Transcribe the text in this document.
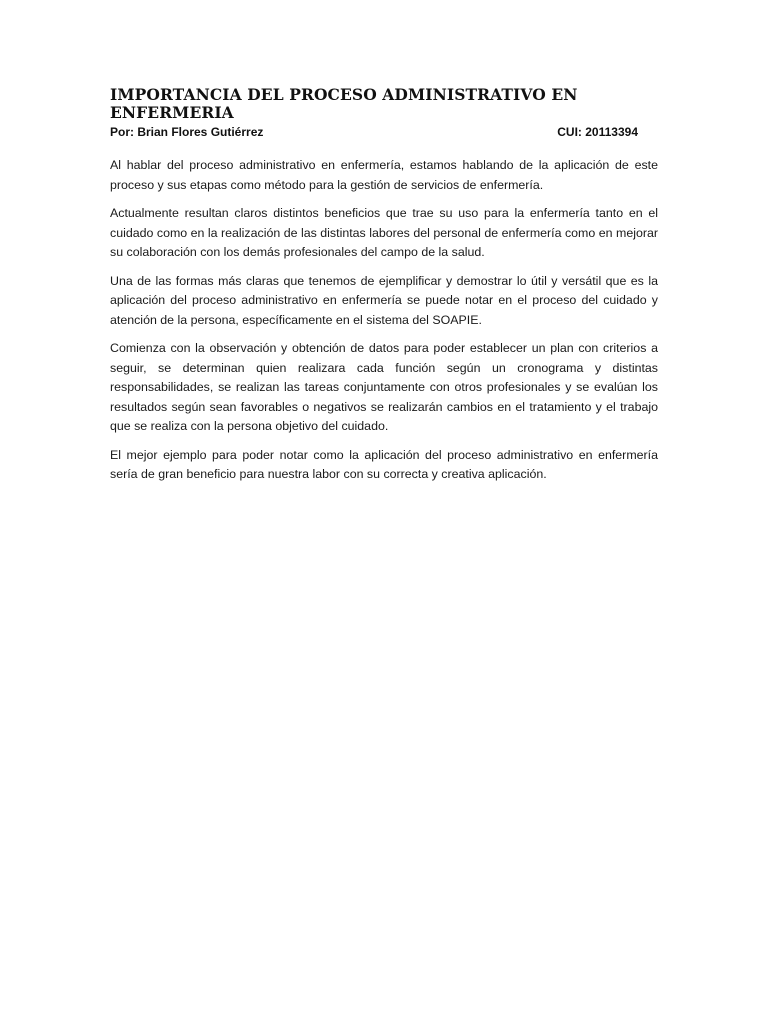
IMPORTANCIA DEL PROCESO ADMINISTRATIVO EN ENFERMERIA
Por: Brian Flores Gutiérrez	CUI: 20113394

Al hablar del proceso administrativo en enfermería, estamos hablando de la aplicación de este proceso y sus etapas como método para la gestión de servicios de enfermería.

Actualmente resultan claros distintos beneficios que trae su uso para la enfermería tanto en el cuidado como en la realización de las distintas labores del personal de enfermería como en mejorar su colaboración con los demás profesionales del campo de la salud.

Una de las formas más claras que tenemos de ejemplificar y demostrar lo útil y versátil que es la aplicación del proceso administrativo en enfermería se puede notar en el proceso del cuidado y atención de la persona, específicamente en el sistema del SOAPIE.

Comienza con la observación y obtención de datos para poder establecer un plan con criterios a seguir, se determinan quien realizara cada función según un cronograma y distintas responsabilidades, se realizan las tareas conjuntamente con otros profesionales y se evalúan los resultados según sean favorables o negativos se realizarán cambios en el tratamiento y el trabajo que se realiza con la persona objetivo del cuidado.

El mejor ejemplo para poder notar como la aplicación del proceso administrativo en enfermería sería de gran beneficio para nuestra labor con su correcta y creativa aplicación.
